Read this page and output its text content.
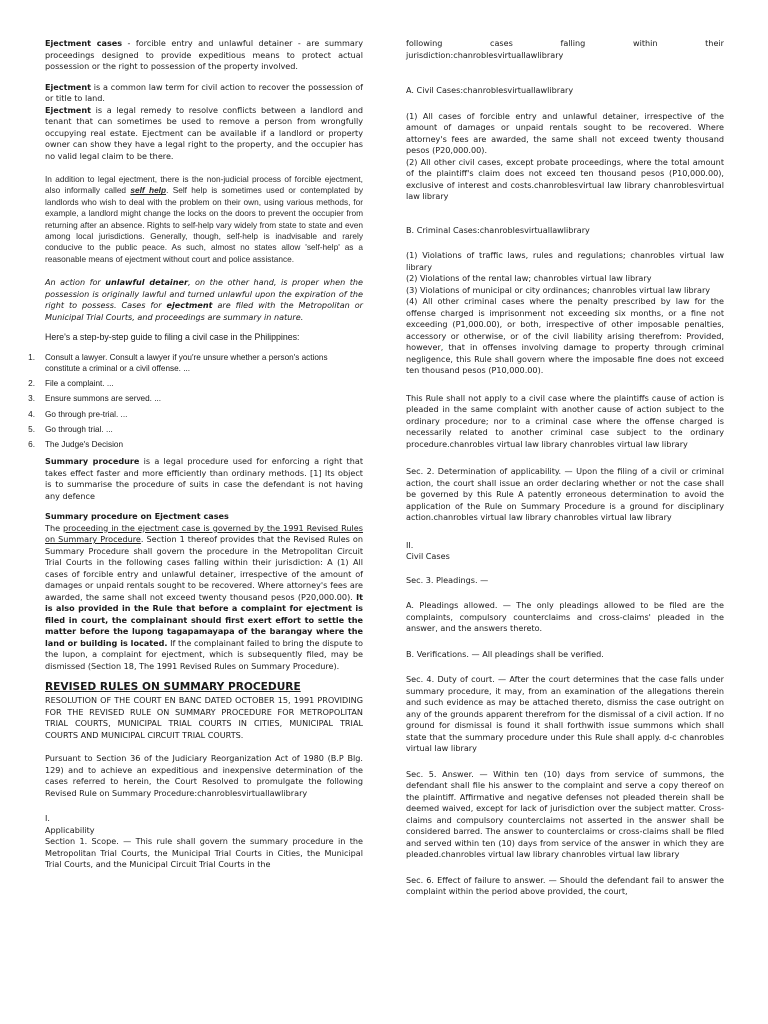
Ejectment cases - forcible entry and unlawful detainer - are summary proceedings designed to provide expeditious means to protect actual possession or the right to possession of the property involved.

Ejectment is a common law term for civil action to recover the possession of or title to land.

Ejectment is a legal remedy to resolve conflicts between a landlord and tenant that can sometimes be used to remove a person from wrongfully occupying real estate. Ejectment can be available if a landlord or property owner can show they have a legal right to the property, and the occupier has no valid legal claim to be there.

In addition to legal ejectment, there is the non-judicial process of forcible ejectment, also informally called self help. Self help is sometimes used or contemplated by landlords who wish to deal with the problem on their own, using various methods, for example, a landlord might change the locks on the doors to prevent the occupier from returning after an absence. Rights to self-help vary widely from state to state and even among local jurisdictions. Generally, though, self-help is inadvisable and rarely conducive to the public peace. As such, almost no states allow 'self-help' as a reasonable means of ejectment without court and police assistance.

An action for unlawful detainer, on the other hand, is proper when the possession is originally lawful and turned unlawful upon the expiration of the right to possess. Cases for ejectment are filed with the Metropolitan or Municipal Trial Courts, and proceedings are summary in nature.

Here's a step-by-step guide to filing a civil case in the Philippines:
1. Consult a lawyer. Consult a lawyer if you're unsure whether a person's actions constitute a criminal or a civil offense. ...
2. File a complaint. ...
3. Ensure summons are served. ...
4. Go through pre-trial. ...
5. Go through trial. ...
6. The Judge's Decision

Summary procedure is a legal procedure used for enforcing a right that takes effect faster and more efficiently than ordinary methods. [1] Its object is to summarise the procedure of suits in case the defendant is not having any defence

Summary procedure on Ejectment cases

The proceeding in the ejectment case is governed by the 1991 Revised Rules on Summary Procedure. Section 1 thereof provides that the Revised Rules on Summary Procedure shall govern the procedure in the Metropolitan Circuit Trial Courts in the following cases falling within their jurisdiction: A (1) All cases of forcible entry and unlawful detainer, irrespective of the amount of damages or unpaid rentals sought to be recovered. Where attorney's fees are awarded, the same shall not exceed twenty thousand pesos (P20,000.00). It is also provided in the Rule that before a complaint for ejectment is filed in court, the complainant should first exert effort to settle the matter before the lupong tagapamayapa of the barangay where the land or building is located. If the complainant failed to bring the dispute to the lupon, a complaint for ejectment, which is subsequently filed, may be dismissed (Section 18, The 1991 Revised Rules on Summary Procedure).

REVISED RULES ON SUMMARY PROCEDURE

RESOLUTION OF THE COURT EN BANC DATED OCTOBER 15, 1991 PROVIDING FOR THE REVISED RULE ON SUMMARY PROCEDURE FOR METROPOLITAN TRIAL COURTS, MUNICIPAL TRIAL COURTS IN CITIES, MUNICIPAL TRIAL COURTS AND MUNICIPAL CIRCUIT TRIAL COURTS.

Pursuant to Section 36 of the Judiciary Reorganization Act of 1980 (B.P Blg. 129) and to achieve an expeditious and inexpensive determination of the cases referred to herein, the Court Resolved to promulgate the following Revised Rule on Summary Procedure:chanroblesvirtuallawlibrary

I.

Applicability

Section 1. Scope. — This rule shall govern the summary procedure in the Metropolitan Trial Courts, the Municipal Trial Courts in Cities, the Municipal Trial Courts, and the Municipal Circuit Trial Courts in the

following cases falling within their

jurisdiction:chanroblesvirtuallawlibrary

A. Civil Cases:chanroblesvirtuallawlibrary

(1) All cases of forcible entry and unlawful detainer, irrespective of the amount of damages or unpaid rentals sought to be recovered. Where attorney's fees are awarded, the same shall not exceed twenty thousand pesos (P20,000.00).

(2) All other civil cases, except probate proceedings, where the total amount of the plaintiff's claim does not exceed ten thousand pesos (P10,000.00), exclusive of interest and costs.chanroblesvirtual law library chanroblesvirtual law library

B. Criminal Cases:chanroblesvirtuallawlibrary

(1) Violations of traffic laws, rules and regulations; chanrobles virtual law library

(2) Violations of the rental law; chanrobles virtual law library

(3) Violations of municipal or city ordinances; chanrobles virtual law library

(4) All other criminal cases where the penalty prescribed by law for the offense charged is imprisonment not exceeding six months, or a fine not exceeding (P1,000.00), or both, irrespective of other imposable penalties, accessory or otherwise, or of the civil liability arising therefrom: Provided, however, that in offenses involving damage to property through criminal negligence, this Rule shall govern where the imposable fine does not exceed ten thousand pesos (P10,000.00).

This Rule shall not apply to a civil case where the plaintiffs cause of action is pleaded in the same complaint with another cause of action subject to the ordinary procedure; nor to a criminal case where the offense charged is necessarily related to another criminal case subject to the ordinary procedure.chanrobles virtual law library chanrobles virtual law library

Sec. 2. Determination of applicability. — Upon the filing of a civil or criminal action, the court shall issue an order declaring whether or not the case shall be governed by this Rule A patently erroneous determination to avoid the application of the Rule on Summary Procedure is a ground for disciplinary action.chanrobles virtual law library chanrobles virtual law library

II.

Civil Cases

Sec. 3. Pleadings. —

A. Pleadings allowed. — The only pleadings allowed to be filed are the complaints, compulsory counterclaims and cross-claims' pleaded in the answer, and the answers thereto.

B. Verifications. — All pleadings shall be verified.

Sec. 4. Duty of court. — After the court determines that the case falls under summary procedure, it may, from an examination of the allegations therein and such evidence as may be attached thereto, dismiss the case outright on any of the grounds apparent therefrom for the dismissal of a civil action. If no ground for dismissal is found it shall forthwith issue summons which shall state that the summary procedure under this Rule shall apply. d-c chanrobles virtual law library

Sec. 5. Answer. — Within ten (10) days from service of summons, the defendant shall file his answer to the complaint and serve a copy thereof on the plaintiff. Affirmative and negative defenses not pleaded therein shall be deemed waived, except for lack of jurisdiction over the subject matter. Cross-claims and compulsory counterclaims not asserted in the answer shall be considered barred. The answer to counterclaims or cross-claims shall be filed and served within ten (10) days from service of the answer in which they are pleaded.chanrobles virtual law library chanrobles virtual law library

Sec. 6. Effect of failure to answer. — Should the defendant fail to answer the complaint within the period above provided, the court,
